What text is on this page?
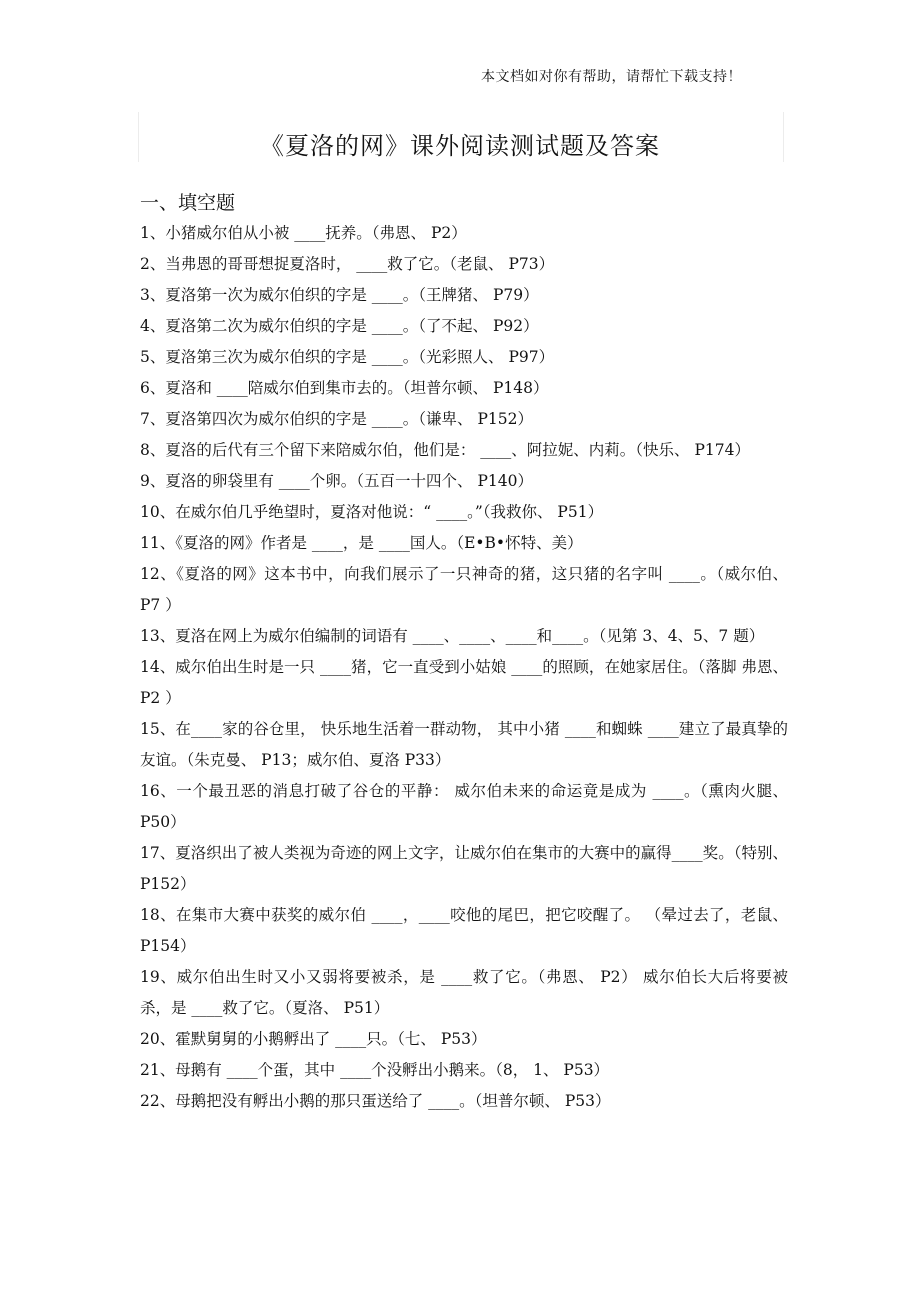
本文档如对你有帮助，请帮忙下载支持！
《夏洛的网》课外阅读测试题及答案
一、填空题

1、小猪威尔伯从小被 ____抚养。（弗恩、 P2）

2、当弗恩的哥哥想捉夏洛时， ____救了它。（老鼠、 P73）

3、夏洛第一次为威尔伯织的字是 ____。（王牌猪、 P79）

4、夏洛第二次为威尔伯织的字是 ____。（了不起、 P92）

5、夏洛第三次为威尔伯织的字是 ____。（光彩照人、 P97）

6、夏洛和 ____陪威尔伯到集市去的。（坦普尔顿、 P148）

7、夏洛第四次为威尔伯织的字是 ____。（谦卑、 P152）

8、夏洛的后代有三个留下来陪威尔伯，他们是： ____、阿拉妮、内莉。（快乐、 P174）

9、夏洛的卵袋里有 ____个卵。（五百一十四个、 P140）

10、在威尔伯几乎绝望时，夏洛对他说：“ ____。”（我救你、 P51）

11、《夏洛的网》作者是 ____，是 ____国人。（E•B•怀特、美）

12、《夏洛的网》这本书中，向我们展示了一只神奇的猪，这只猪的名字叫 ____。（威尔伯、 P7 ）

13、夏洛在网上为威尔伯编制的词语有 ____、____、____和____。（见第 3、4、5、7 题）

14、威尔伯出生时是一只 ____猪，它一直受到小姑娘 ____的照顾，在她家居住。（落脚 弗恩、 P2 ）

15、在____家的谷仓里， 快乐地生活着一群动物， 其中小猪 ____和蜘蛛 ____建立了最真挚的友谊。（朱克曼、 P13；威尔伯、夏洛 P33）

16、一个最丑恶的消息打破了谷仓的平静： 威尔伯未来的命运竟是成为 ____。（熏肉火腿、 P50）

17、夏洛织出了被人类视为奇迹的网上文字，让威尔伯在集市的大赛中的赢得____奖。（特别、 P152）

18、在集市大赛中获奖的威尔伯 ____，____咬他的尾巴，把它咬醒了。 （晕过去了，老鼠、 P154）

19、威尔伯出生时又小又弱将要被杀，是 ____救了它。（弗恩、 P2） 威尔伯长大后将要被杀，是 ____救了它。（夏洛、 P51）

20、霍默舅舅的小鹅孵出了 ____只。（七、 P53）

21、母鹅有 ____个蛋，其中 ____个没孵出小鹅来。（8， 1、 P53）

22、母鹅把没有孵出小鹅的那只蛋送给了 ____。（坦普尔顿、 P53）
